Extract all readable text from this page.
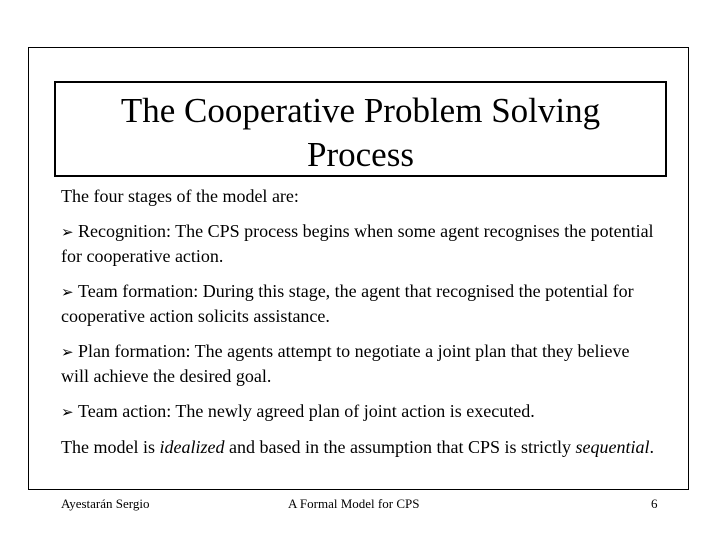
The Cooperative Problem Solving
Process

The four stages of the model are:

➢ Recognition: The CPS process begins when some agent recognises the potential for cooperative action.
➢ Team formation: During this stage, the agent that recognised the potential for cooperative action solicits assistance.
➢ Plan formation: The agents attempt to negotiate a joint plan that they believe will achieve the desired goal.
➢ Team action: The newly agreed plan of joint action is executed.

The model is idealized and based in the assumption that CPS is strictly sequential.

Ayestarán Sergio	A Formal Model for CPS	6
